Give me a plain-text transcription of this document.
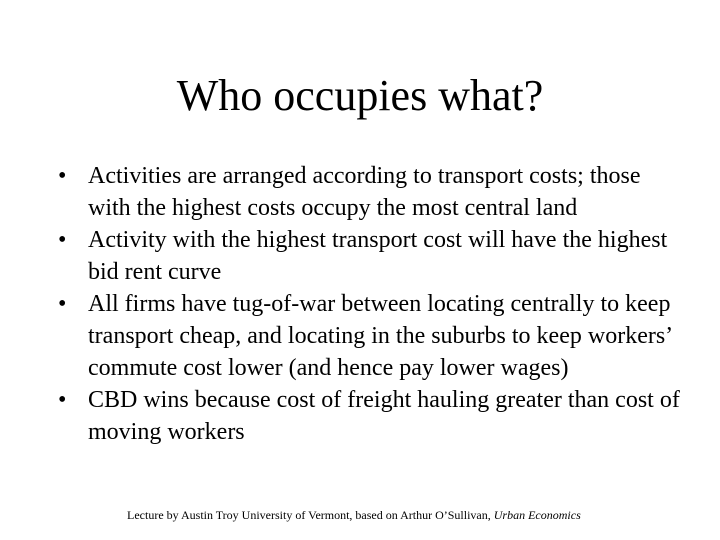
Who occupies what?
• Activities are arranged according to transport costs; those with the highest costs occupy the most central land
• Activity with the highest transport cost will have the highest bid rent curve
• All firms have tug-of-war between locating centrally to keep transport cheap, and locating in the suburbs to keep workers’ commute cost lower (and hence pay lower wages)
• CBD wins because cost of freight hauling greater than cost of moving workers
Lecture by Austin Troy University of Vermont, based on Arthur O’Sullivan, Urban Economics
